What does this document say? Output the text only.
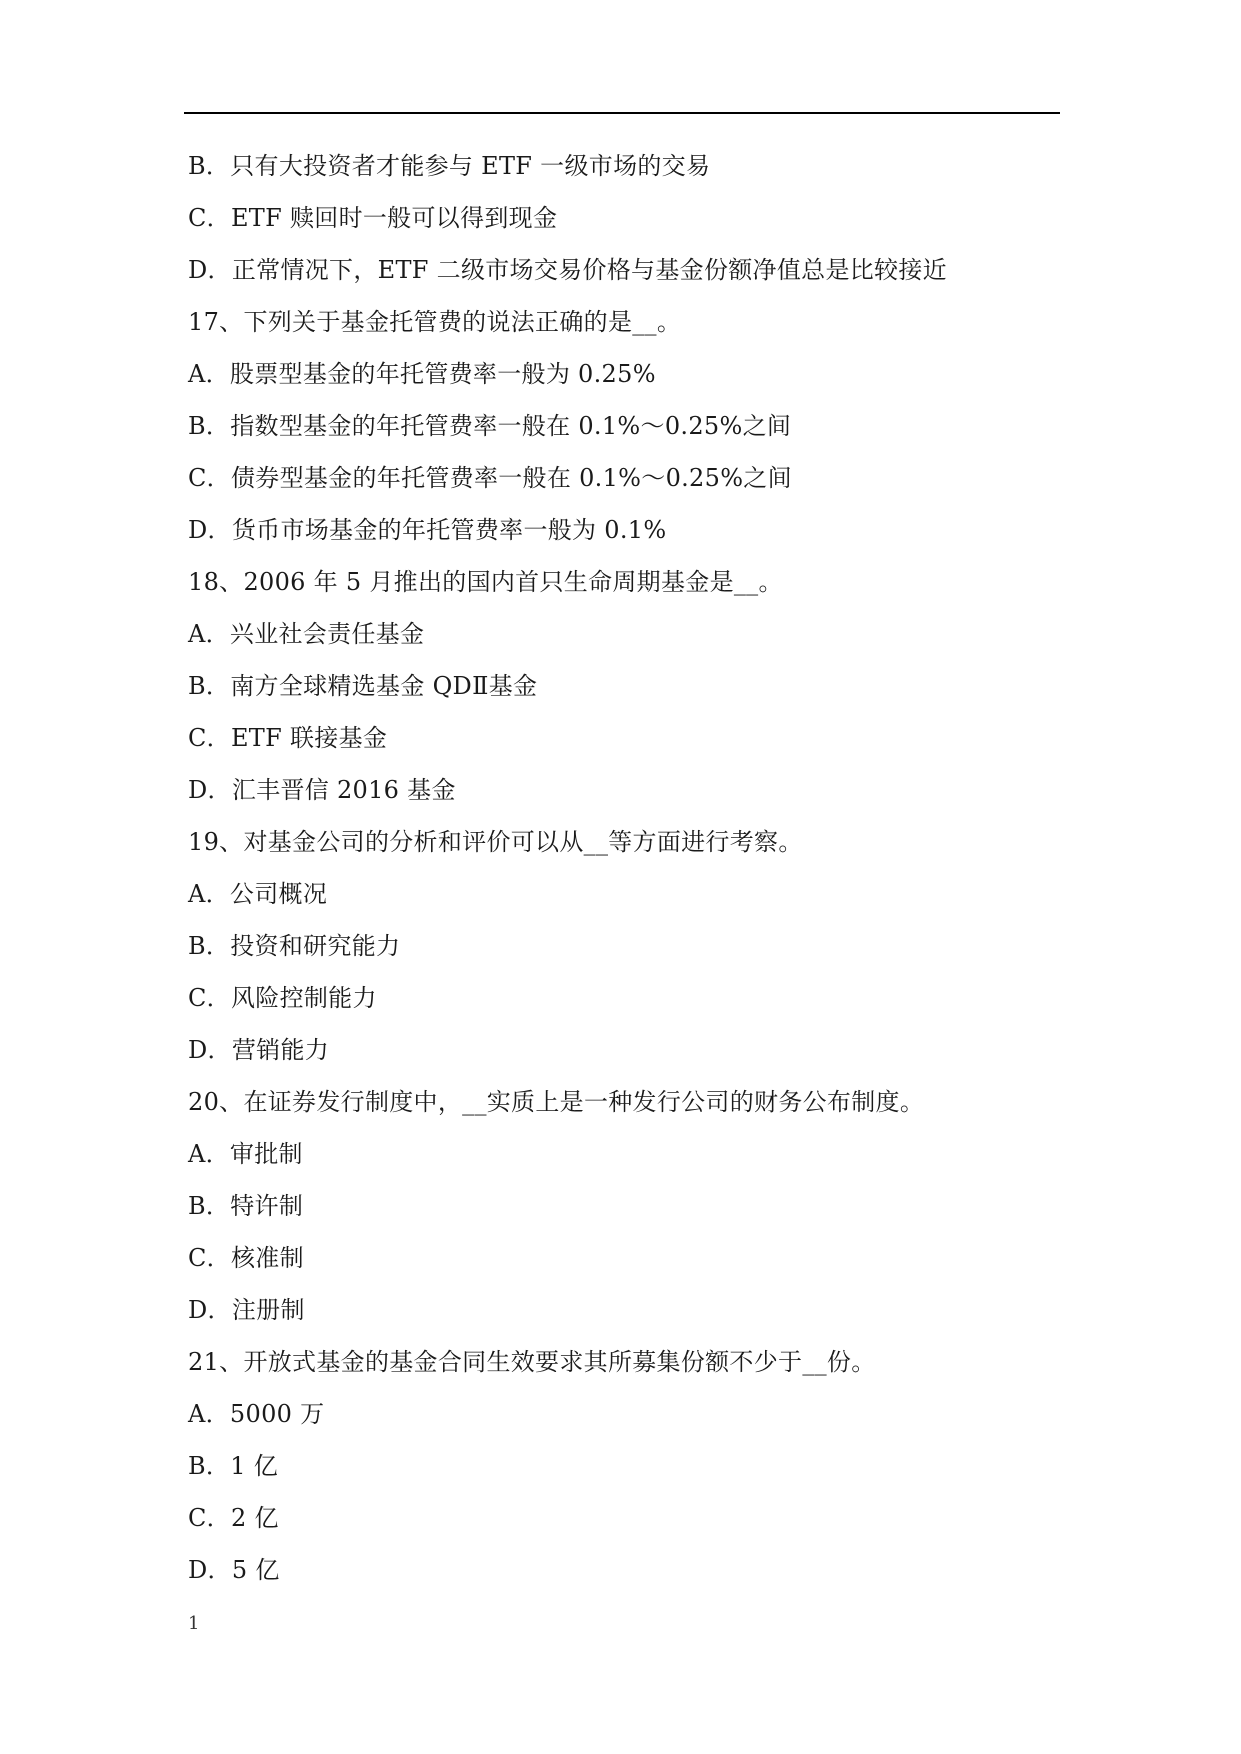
B．只有大投资者才能参与 ETF 一级市场的交易
C．ETF 赎回时一般可以得到现金
D．正常情况下，ETF 二级市场交易价格与基金份额净值总是比较接近
17、下列关于基金托管费的说法正确的是__。
A．股票型基金的年托管费率一般为 0.25%
B．指数型基金的年托管费率一般在 0.1%～0.25%之间
C．债券型基金的年托管费率一般在 0.1%～0.25%之间
D．货币市场基金的年托管费率一般为 0.1%
18、2006 年 5 月推出的国内首只生命周期基金是__。
A．兴业社会责任基金
B．南方全球精选基金 QDⅡ基金
C．ETF 联接基金
D．汇丰晋信 2016 基金
19、对基金公司的分析和评价可以从__等方面进行考察。
A．公司概况
B．投资和研究能力
C．风险控制能力
D．营销能力
20、在证券发行制度中，__实质上是一种发行公司的财务公布制度。
A．审批制
B．特许制
C．核准制
D．注册制
21、开放式基金的基金合同生效要求其所募集份额不少于__份。
A．5000 万
B．1 亿
C．2 亿
D．5 亿
1
